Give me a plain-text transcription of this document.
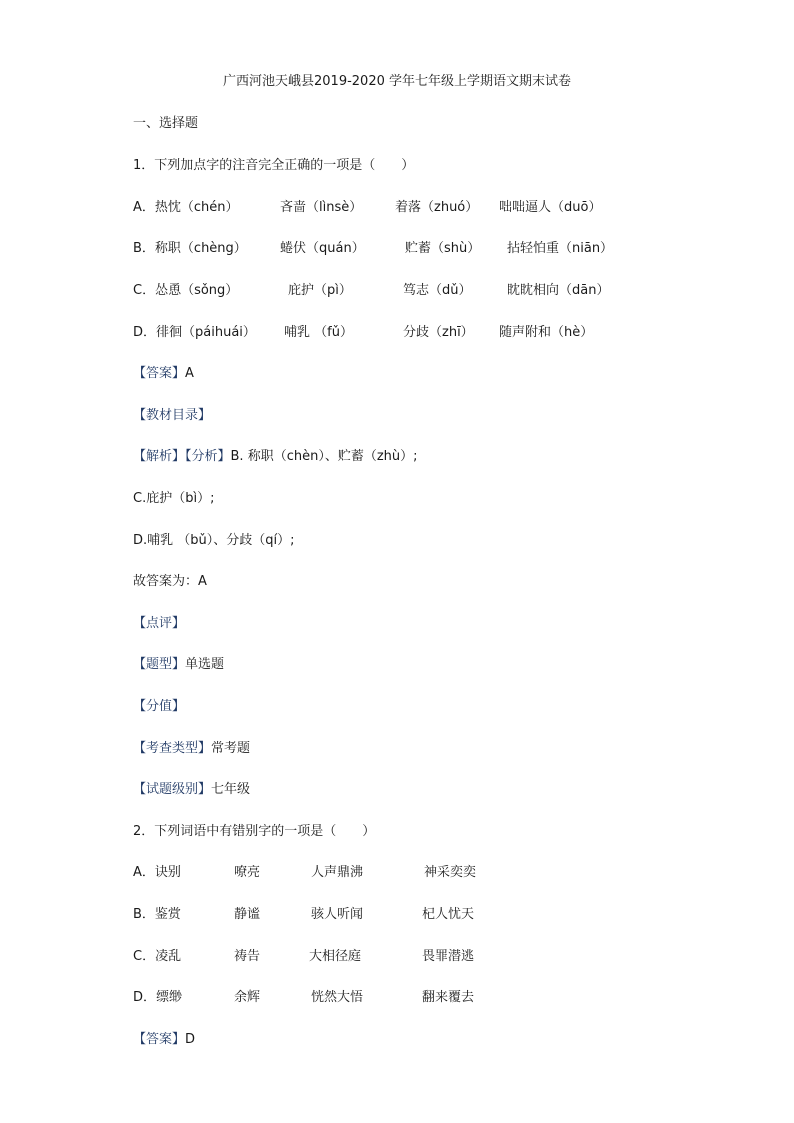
广西河池天峨县2019-2020 学年七年级上学期语文期末试卷
一、选择题
1．下列加点字的注音完全正确的一项是（　　）
A．热忱（chén）	吝啬（lìnsè）	着落（zhuó） 咄咄逼人（duō）
B．称职（chèng）	蜷伏（quán）	贮蓄（shù） 拈轻怕重（niān）
C．怂恿（sǒng）	庇护（pì）	笃志（dǔ）	眈眈相向（dān）
D．徘徊（páihuái） 哺乳 （fǔ）	分歧（zhī） 随声附和（hè）
【答案】A
【教材目录】
【解析】【分析】B. 称职（chèn）、贮蓄（zhù）;
C.庇护（bì）;
D.哺乳 （bǔ）、分歧（qí）;
故答案为：A
【点评】
【题型】单选题
【分值】
【考查类型】常考题
【试题级别】七年级
2．下列词语中有错别字的一项是（　　）
A．诀别	嘹亮	人声鼎沸	神采奕奕
B．鉴赏	静谧	骇人听闻	杞人忧天
C．凌乱	祷告	大相径庭	畏罪潜逃
D．缥缈	余辉	恍然大悟	翻来覆去
【答案】D
